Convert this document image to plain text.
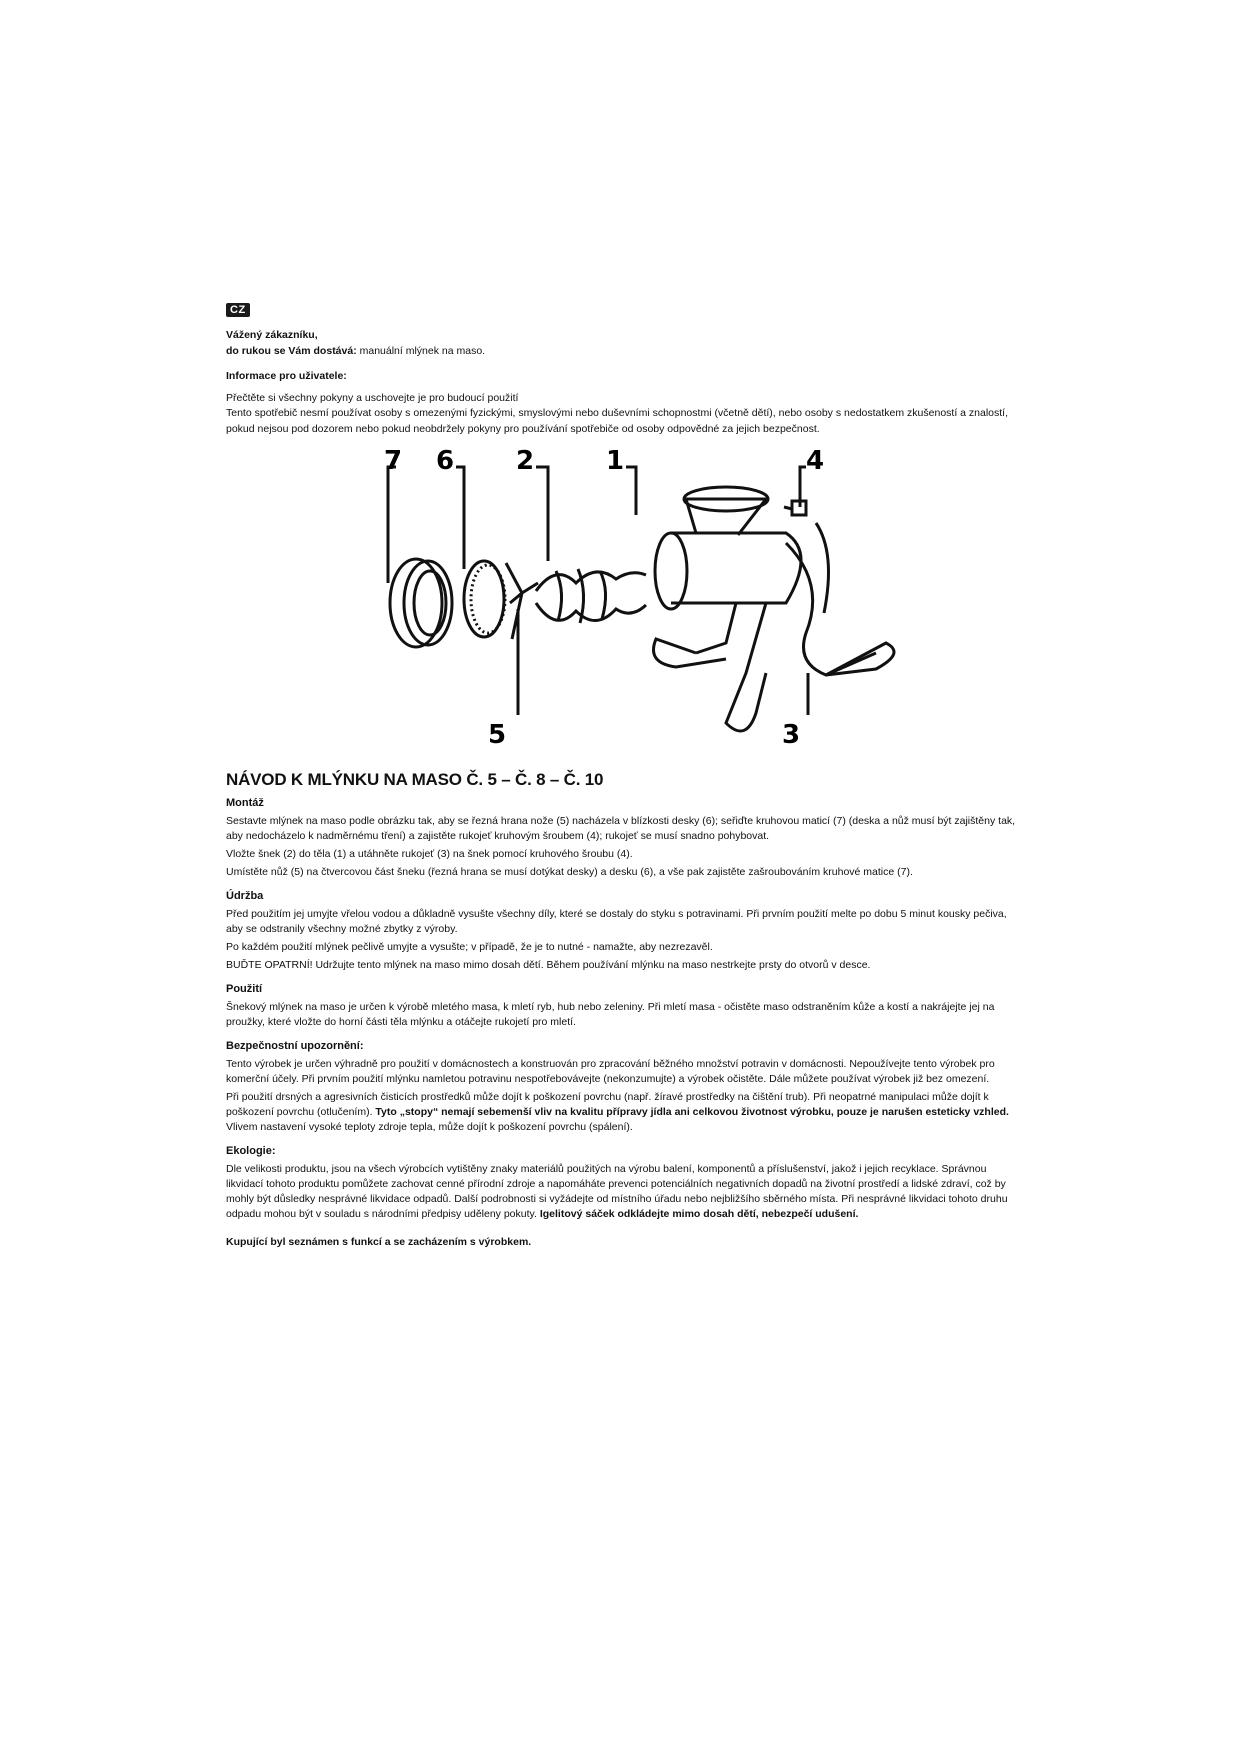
CZ

Vážený zákazníku,

do rukou se Vám dostává: manuální mlýnek na maso.

Informace pro uživatele:

Přečtěte si všechny pokyny a uschovejte je pro budoucí použití

Tento spotřebič nesmí používat osoby s omezenými fyzickými, smyslovými nebo duševními schopnostmi (včetně dětí), nebo osoby s nedostatkem zkušeností a znalostí, pokud nejsou pod dozorem nebo pokud neobdržely pokyny pro používání spotřebiče od osoby odpovědné za jejich bezpečnost.

7 6 2	1	4
5	3
NÁVOD K MLÝNKU NA MASO Č. 5 – Č. 8 – Č. 10

Montáž

Sestavte mlýnek na maso podle obrázku tak, aby se řezná hrana nože (5) nacházela v blízkosti desky (6); seřiďte kruhovou maticí (7) (deska a nůž musí být zajištěny tak, aby nedocházelo k nadměrnému tření) a zajistěte rukojeť kruhovým šroubem (4); rukojeť se musí snadno pohybovat.

Vložte šnek (2) do těla (1) a utáhněte rukojeť (3) na šnek pomocí kruhového šroubu (4).

Umístěte nůž (5) na čtvercovou část šneku (řezná hrana se musí dotýkat desky) a desku (6), a vše pak zajistěte zašroubováním kruhové matice (7).

Údržba

Před použitím jej umyjte vřelou vodou a důkladně vysušte všechny díly, které se dostaly do styku s potravinami. Při prvním použití melte po dobu 5 minut kousky pečiva, aby se odstranily všechny možné zbytky z výroby.

Po každém použití mlýnek pečlivě umyjte a vysušte; v případě, že je to nutné - namažte, aby nezrezavěl.

BUĎTE OPATRNÍ! Udržujte tento mlýnek na maso mimo dosah dětí. Během používání mlýnku na maso nestrkejte prsty do otvorů v desce.

Použití

Šnekový mlýnek na maso je určen k výrobě mletého masa, k mletí ryb, hub nebo zeleniny. Při mletí masa - očistěte maso odstraněním kůže a kostí a nakrájejte jej na proužky, které vložte do horní části těla mlýnku a otáčejte rukojetí pro mletí.

Bezpečnostní upozornění:

Tento výrobek je určen výhradně pro použití v domácnostech a konstruován pro zpracování běžného množství potravin v domácnosti. Nepoužívejte tento výrobek pro komerční účely. Při prvním použití mlýnku namletou potravinu nespotřebovávejte (nekonzumujte) a výrobek očistěte. Dále můžete používat výrobek již bez omezení.

Při použití drsných a agresivních čisticích prostředků může dojít k poškození povrchu (např. žíravé prostředky na čištění trub). Při neopatrné manipulaci může dojít k poškození povrchu (otlučením). Tyto „stopy“ nemají sebemenší vliv na kvalitu přípravy jídla ani celkovou životnost výrobku, pouze je narušen esteticky vzhled. Vlivem nastavení vysoké teploty zdroje tepla, může dojít k poškození povrchu (spálení).

Ekologie:

Dle velikosti produktu, jsou na všech výrobcích vytištěny znaky materiálů použitých na výrobu balení, komponentů a příslušenství, jakož i jejich recyklace. Správnou likvidací tohoto produktu pomůžete zachovat cenné přírodní zdroje a napomáháte prevenci potenciálních negativních dopadů na životní prostředí a lidské zdraví, což by mohly být důsledky nesprávné likvidace odpadů. Další podrobnosti si vyžádejte od místního úřadu nebo nejbližšího sběrného místa. Při nesprávné likvidaci tohoto druhu odpadu mohou být v souladu s národními předpisy uděleny pokuty. Igelitový sáček odkládejte mimo dosah dětí, nebezpečí udušení.

Kupující byl seznámen s funkcí a se zacházením s výrobkem.
